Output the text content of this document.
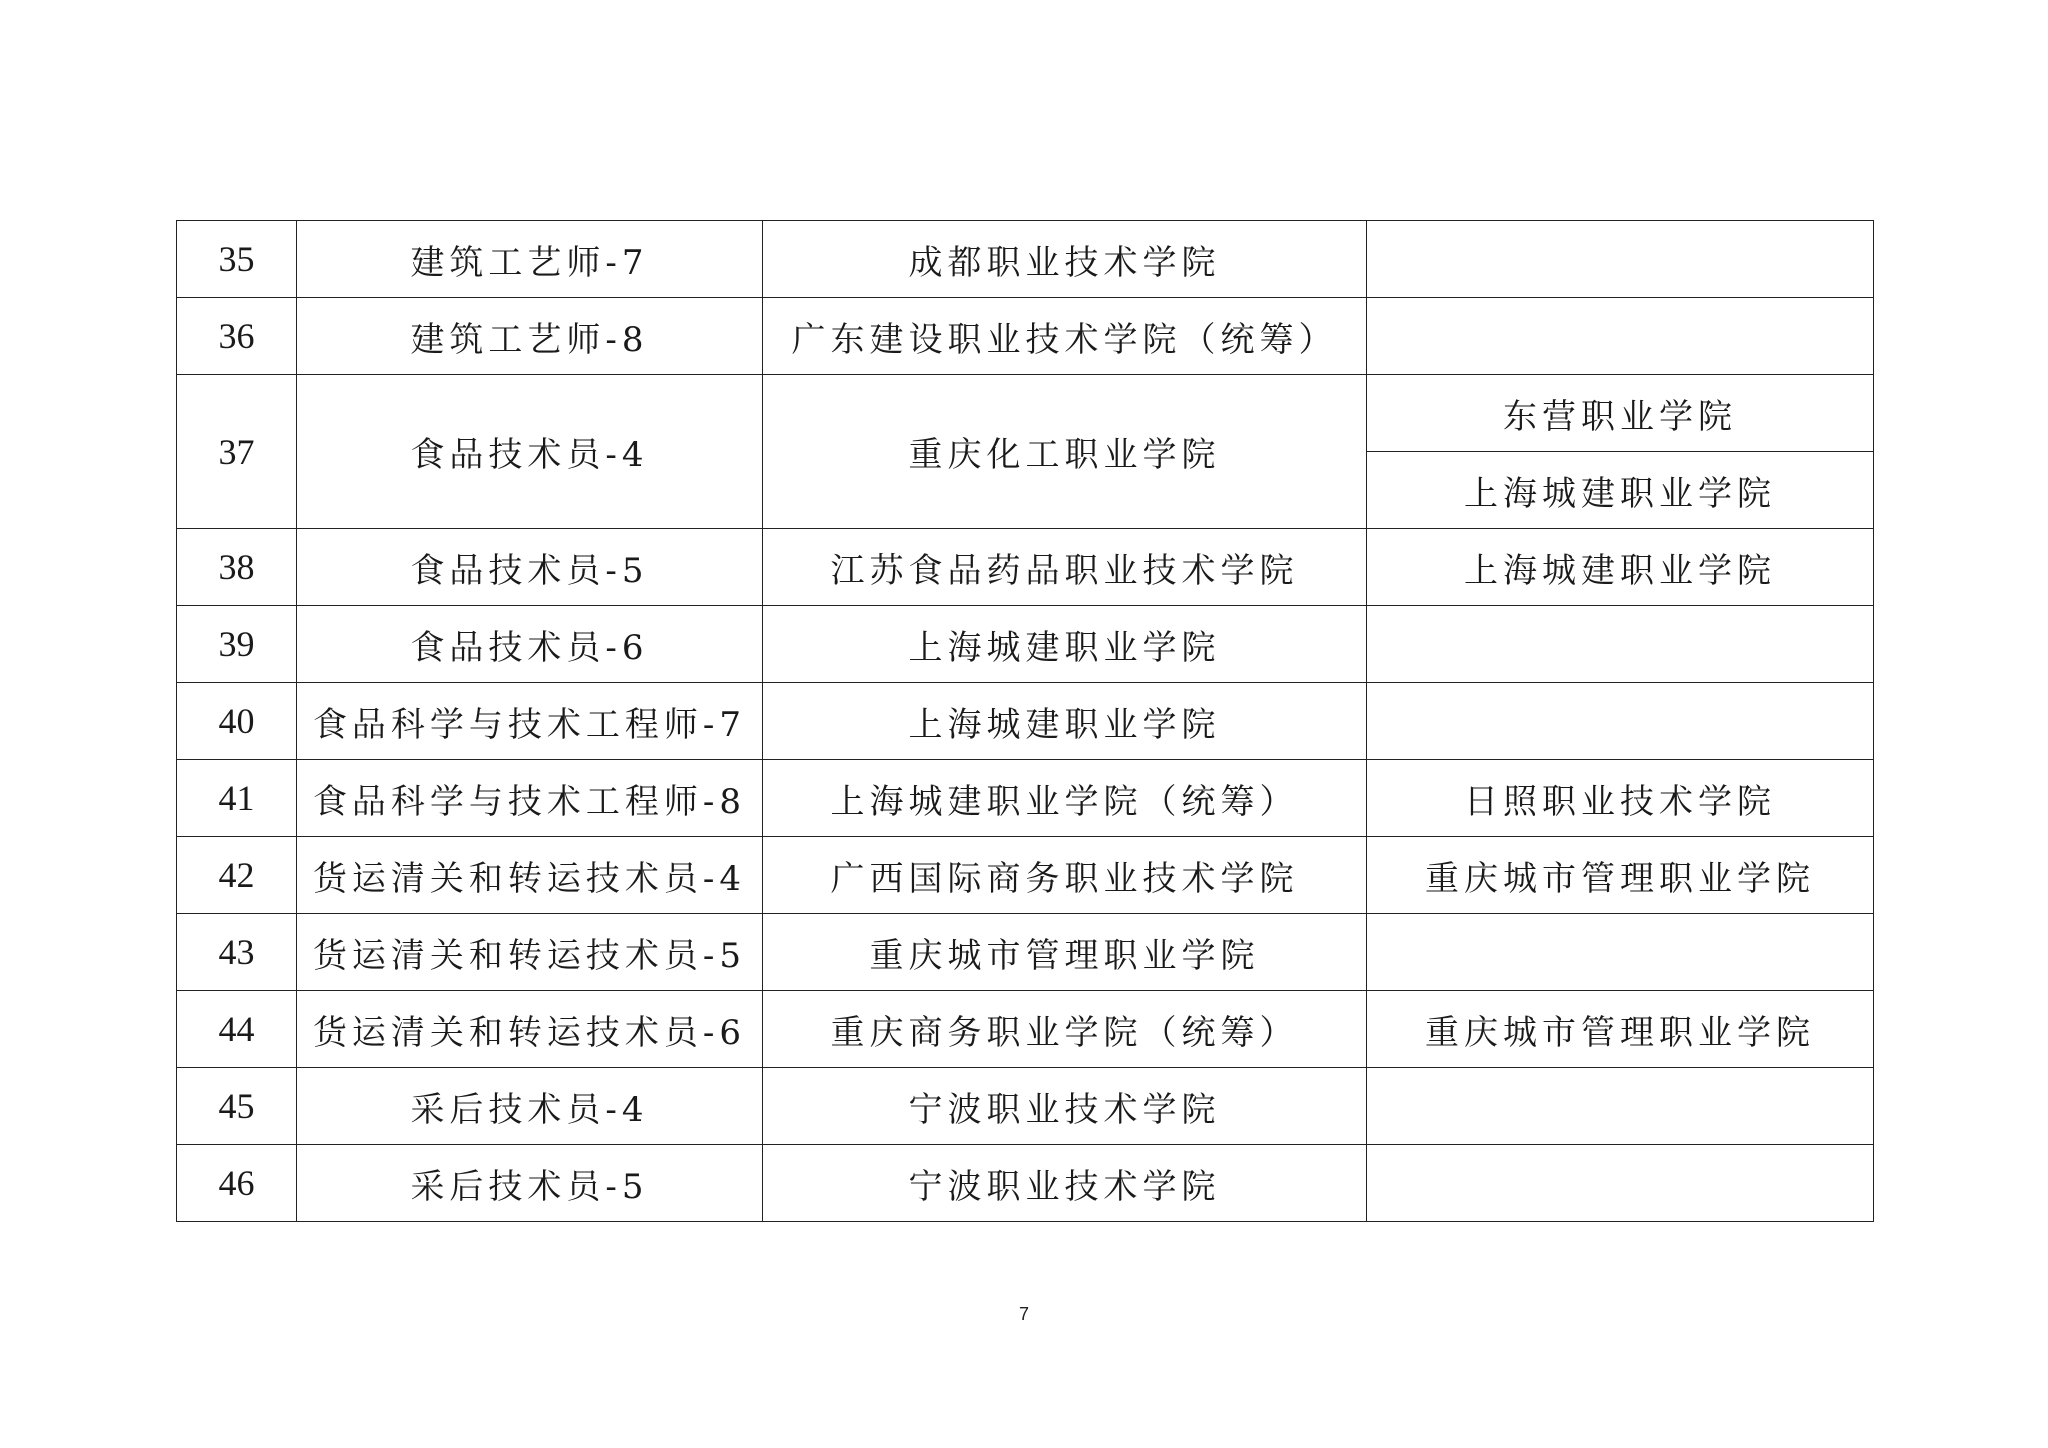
35	建筑工艺师-7	成都职业技术学院	
36	建筑工艺师-8	广东建设职业技术学院（统筹）	
37	食品技术员-4	重庆化工职业学院	东营职业学院
			上海城建职业学院
38	食品技术员-5	江苏食品药品职业技术学院	上海城建职业学院
39	食品技术员-6	上海城建职业学院	
40	食品科学与技术工程师-7	上海城建职业学院	
41	食品科学与技术工程师-8	上海城建职业学院（统筹）	日照职业技术学院
42	货运清关和转运技术员-4	广西国际商务职业技术学院	重庆城市管理职业学院
43	货运清关和转运技术员-5	重庆城市管理职业学院	
44	货运清关和转运技术员-6	重庆商务职业学院（统筹）	重庆城市管理职业学院
45	采后技术员-4	宁波职业技术学院	
46	采后技术员-5	宁波职业技术学院	
7
